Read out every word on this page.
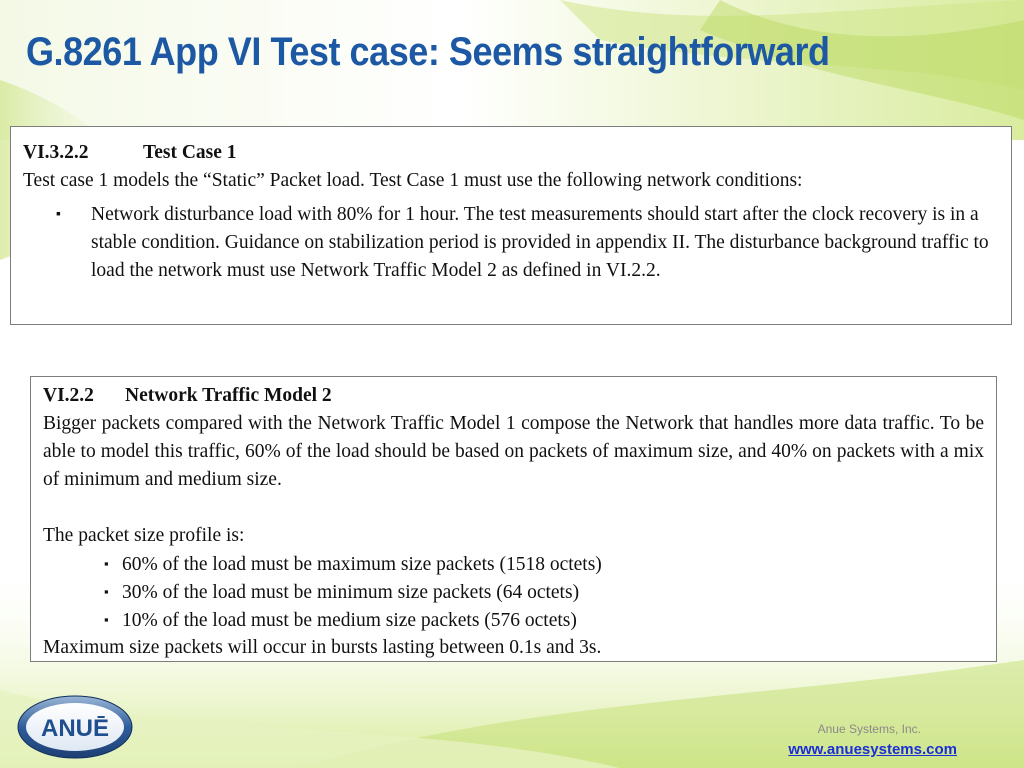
G.8261 App VI Test case: Seems straightforward
VI.3.2.2	Test Case 1
Test case 1 models the “Static” Packet load. Test Case 1 must use the following network conditions:
▪	Network disturbance load with 80% for 1 hour. The test measurements should start after the clock recovery is in a stable condition. Guidance on stabilization period is provided in appendix II. The disturbance background traffic to load the network must use Network Traffic Model 2 as defined in VI.2.2.
VI.2.2 Network Traffic Model 2
Bigger packets compared with the Network Traffic Model 1 compose the Network that handles more data traffic. To be able to model this traffic, 60% of the load should be based on packets of maximum size, and 40% on packets with a mix of minimum and medium size.
The packet size profile is:
▪ 60% of the load must be maximum size packets (1518 octets)
▪ 30% of the load must be minimum size packets (64 octets)
▪ 10% of the load must be medium size packets (576 octets)
Maximum size packets will occur in bursts lasting between 0.1s and 3s.
ANUĒ	Anue Systems, Inc.
www.anuesystems.com
